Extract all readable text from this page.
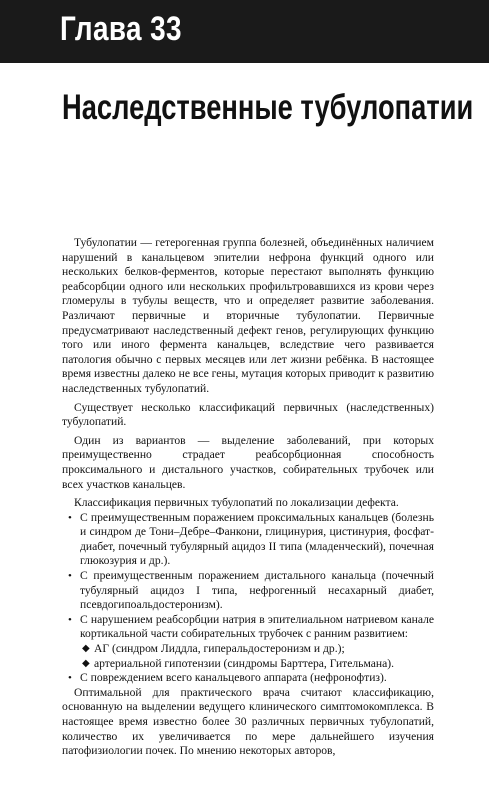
Глава 33
Наследственные тубулопатии

Тубулопатии — гетерогенная группа болезней, объединённых наличием нарушений в канальцевом эпителии нефрона функций одного или нескольких белков-ферментов, которые перестают выполнять функцию реабсорбции одного или нескольких профильтровавшихся из крови через гломерулы в тубулы веществ, что и определяет развитие заболевания. Различают первичные и вторичные тубулопатии. Первичные предусматривают наследственный дефект генов, регулирующих функцию того или иного фермента канальцев, вследствие чего развивается патология обычно с первых месяцев или лет жизни ребёнка. В настоящее время известны далеко не все гены, мутация которых приводит к развитию наследственных тубулопатий.

Существует несколько классификаций первичных (наследственных) тубулопатий.

Один из вариантов — выделение заболеваний, при которых преимущественно страдает реабсорбционная способность проксимального и дистального участков, собирательных трубочек или всех участков канальцев.

Классификация первичных тубулопатий по локализации дефекта.

• С преимущественным поражением проксимальных канальцев (болезнь и синдром де Тони–Дебре–Фанкони, глицинурия, цистинурия, фосфат-диабет, почечный тубулярный ацидоз II типа (младенческий), почечная глюкозурия и др.).
• С преимущественным поражением дистального канальца (почечный тубулярный ацидоз I типа, нефрогенный несахарный диабет, псевдогипоальдостеронизм).
• С нарушением реабсорбции натрия в эпителиальном натриевом канале кортикальной части собирательных трубочек с ранним развитием:
◆ АГ (синдром Лиддла, гиперальдостеронизм и др.);
◆ артериальной гипотензии (синдромы Барттера, Гительмана).
• С повреждением всего канальцевого аппарата (нефронофтиз).

Оптимальной для практического врача считают классификацию, основанную на выделении ведущего клинического симптомокомплекса. В настоящее время известно более 30 различных первичных тубулопатий, количество их увеличивается по мере дальнейшего изучения патофизиологии почек. По мнению некоторых авторов,
